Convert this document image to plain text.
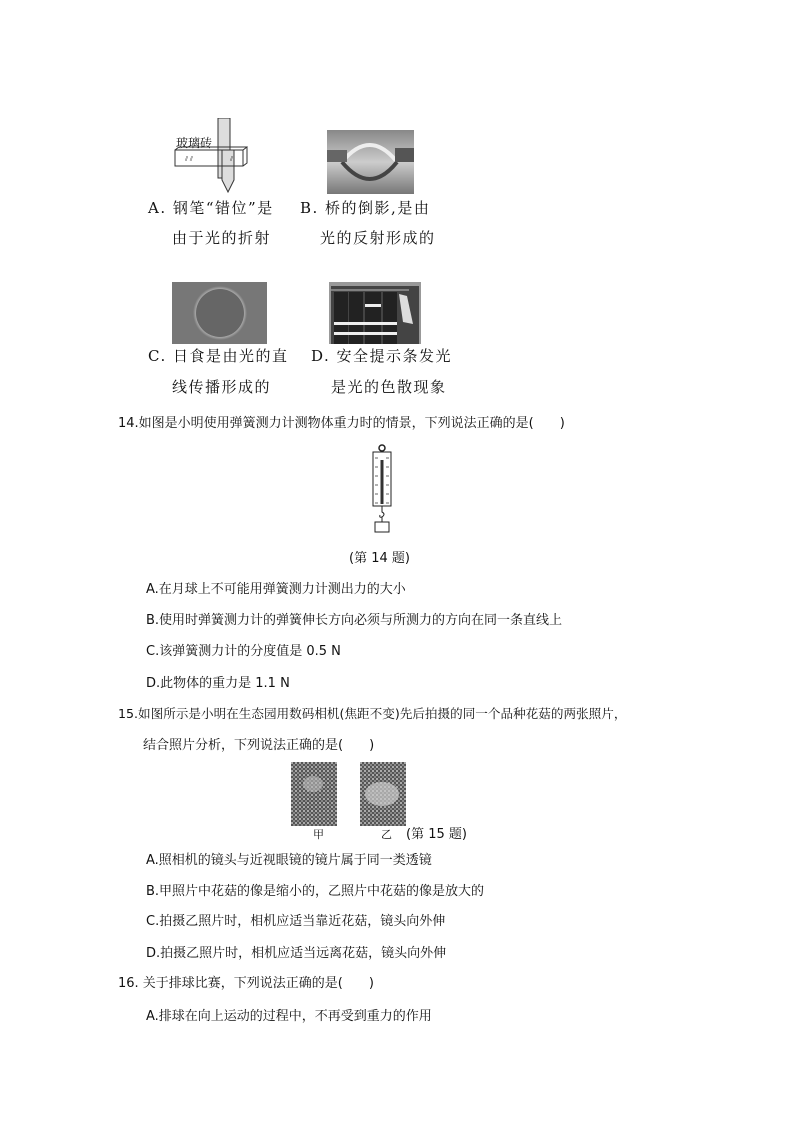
⫽ ⫽	⫽
玻璃砖
A. 钢笔“错位”是
由于光的折射
B. 桥的倒影,是由
光的反射形成的
C. 日食是由光的直
线传播形成的
D. 安全提示条发光
是光的色散现象
14.如图是小明使用弹簧测力计测物体重力时的情景，下列说法正确的是(　　)
(第 14 题)
A.在月球上不可能用弹簧测力计测出力的大小
B.使用时弹簧测力计的弹簧伸长方向必须与所测力的方向在同一条直线上
C.该弹簧测力计的分度值是 0.5 N
D.此物体的重力是 1.1 N
15.如图所示是小明在生态园用数码相机(焦距不变)先后拍摄的同一个品种花菇的两张照片，
结合照片分析，下列说法正确的是(　　)
甲	乙 (第 15 题)
A.照相机的镜头与近视眼镜的镜片属于同一类透镜
B.甲照片中花菇的像是缩小的，乙照片中花菇的像是放大的
C.拍摄乙照片时，相机应适当靠近花菇，镜头向外伸
D.拍摄乙照片时，相机应适当远离花菇，镜头向外伸
16. 关于排球比赛，下列说法正确的是(　　)
A.排球在向上运动的过程中，不再受到重力的作用
